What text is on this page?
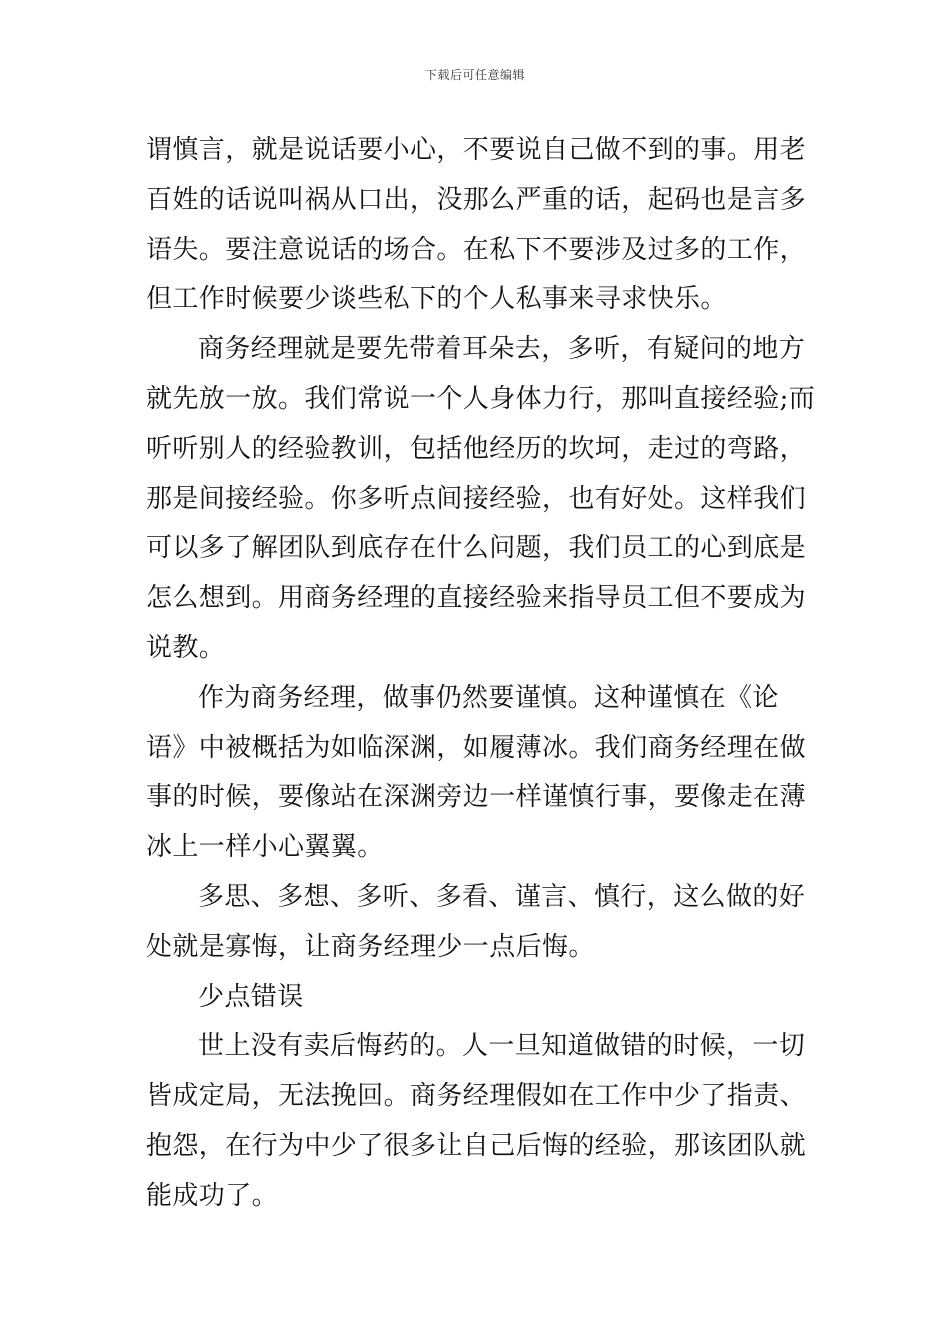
下载后可任意编辑
谓慎言，就是说话要小心，不要说自己做不到的事。用老
百姓的话说叫祸从口出，没那么严重的话，起码也是言多
语失。要注意说话的场合。在私下不要涉及过多的工作，
但工作时候要少谈些私下的个人私事来寻求快乐。
商务经理就是要先带着耳朵去，多听，有疑问的地方
就先放一放。我们常说一个人身体力行，那叫直接经验;而
听听别人的经验教训，包括他经历的坎坷，走过的弯路，
那是间接经验。你多听点间接经验，也有好处。这样我们
可以多了解团队到底存在什么问题，我们员工的心到底是
怎么想到。用商务经理的直接经验来指导员工但不要成为
说教。
作为商务经理，做事仍然要谨慎。这种谨慎在《论
语》中被概括为如临深渊，如履薄冰。我们商务经理在做
事的时候，要像站在深渊旁边一样谨慎行事，要像走在薄
冰上一样小心翼翼。
多思、多想、多听、多看、谨言、慎行，这么做的好
处就是寡悔，让商务经理少一点后悔。
少点错误
世上没有卖后悔药的。人一旦知道做错的时候，一切
皆成定局，无法挽回。商务经理假如在工作中少了指责、
抱怨，在行为中少了很多让自己后悔的经验，那该团队就
能成功了。
